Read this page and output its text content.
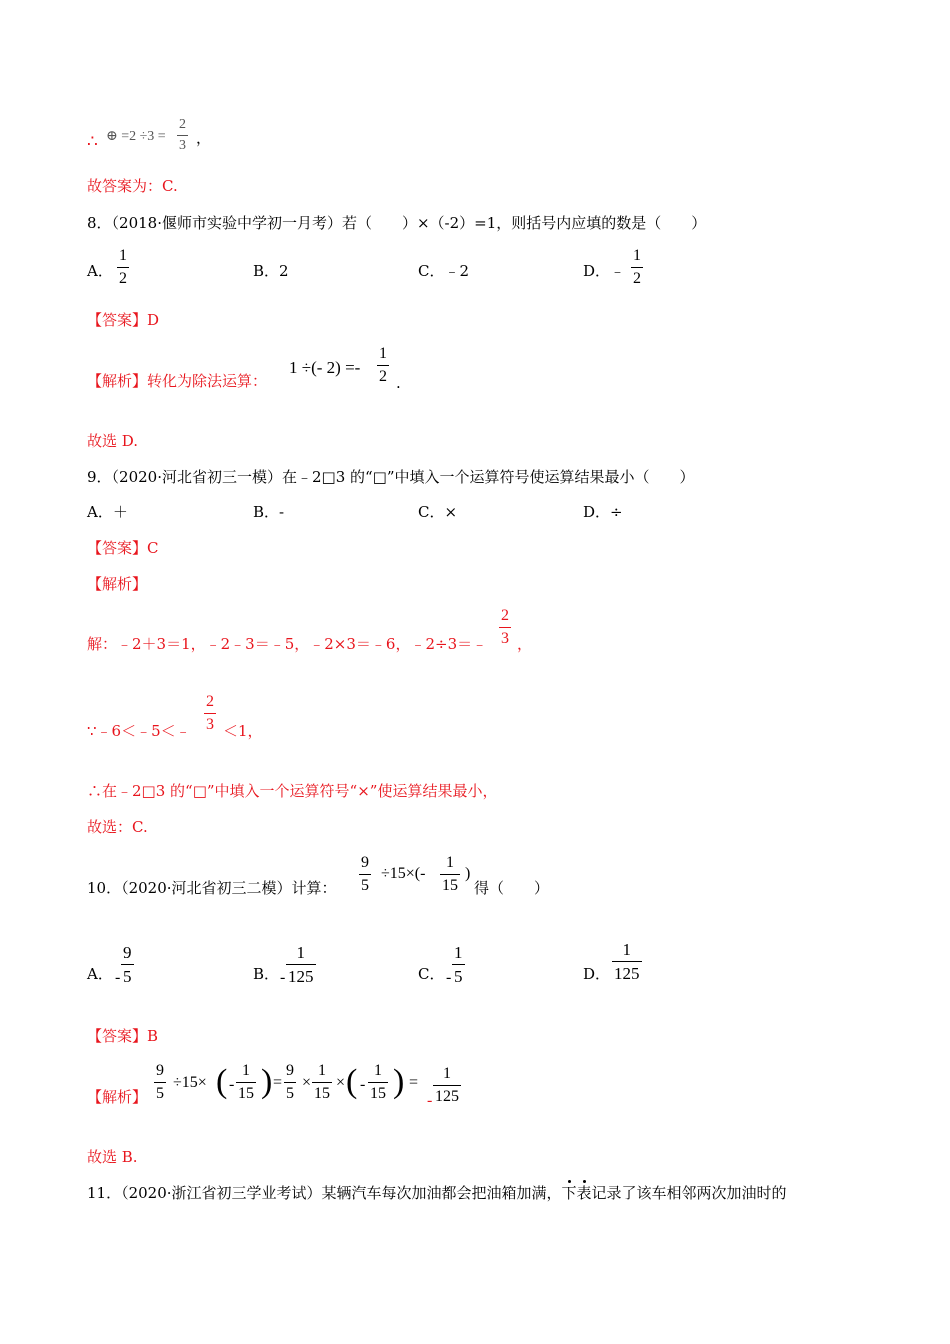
∴ ⊕ $=2 \div 3 = \frac{2}{3}$ ，
故答案为：C.
8．（2018·偃师市实验中学初一月考）若（　　）×（-2）=1，则括号内应填的数是（　　）
A． $\frac{1}{2}$	B．2	C．﹣2	D．﹣ $\frac{1}{2}$
【答案】D
【解析】转化为除法运算：
1 ÷(- $2) =- \frac{1}{2}$ .
故选 D.
9．（2020·河北省初三一模）在﹣2□3 的“□”中填入一个运算符号使运算结果最小（　　）
A．＋	B．-	C．×	D．÷
【答案】C
【解析】
解：﹣2＋3＝1，﹣2﹣3＝﹣5，﹣2×3＝﹣6，﹣2÷3＝﹣ $\frac{2}{3}$ ，
∵﹣6＜﹣5＜﹣ $\frac{2}{3} <1$，
∴在﹣2□3 的“□”中填入一个运算符号“×”使运算结果最小，
故选：C.
10．（2020·河北省初三二模）计算： $\frac{9}{5} \div 15\times(- \frac{1}{15}$ )
得（　　）
A． - $\frac{9}{5}$	B． - $\frac{1}{125}$	C． - $\frac{1}{5}$	D． $\frac{1}{125}$
【答案】B
【解析】 $\frac{9}{5} \div 15\times$ ( - $\frac{1}{15}$ ) = $\frac{9}{5} \times \frac{1}{15}$ × ( - $\frac{1}{15}$ ) =
- $\frac{1}{125}$
故选 B.
11．（2020·浙江省初三学业考试）某辆汽车每次加油都会把油箱加满，下表记录了该车相邻两次加油时的
